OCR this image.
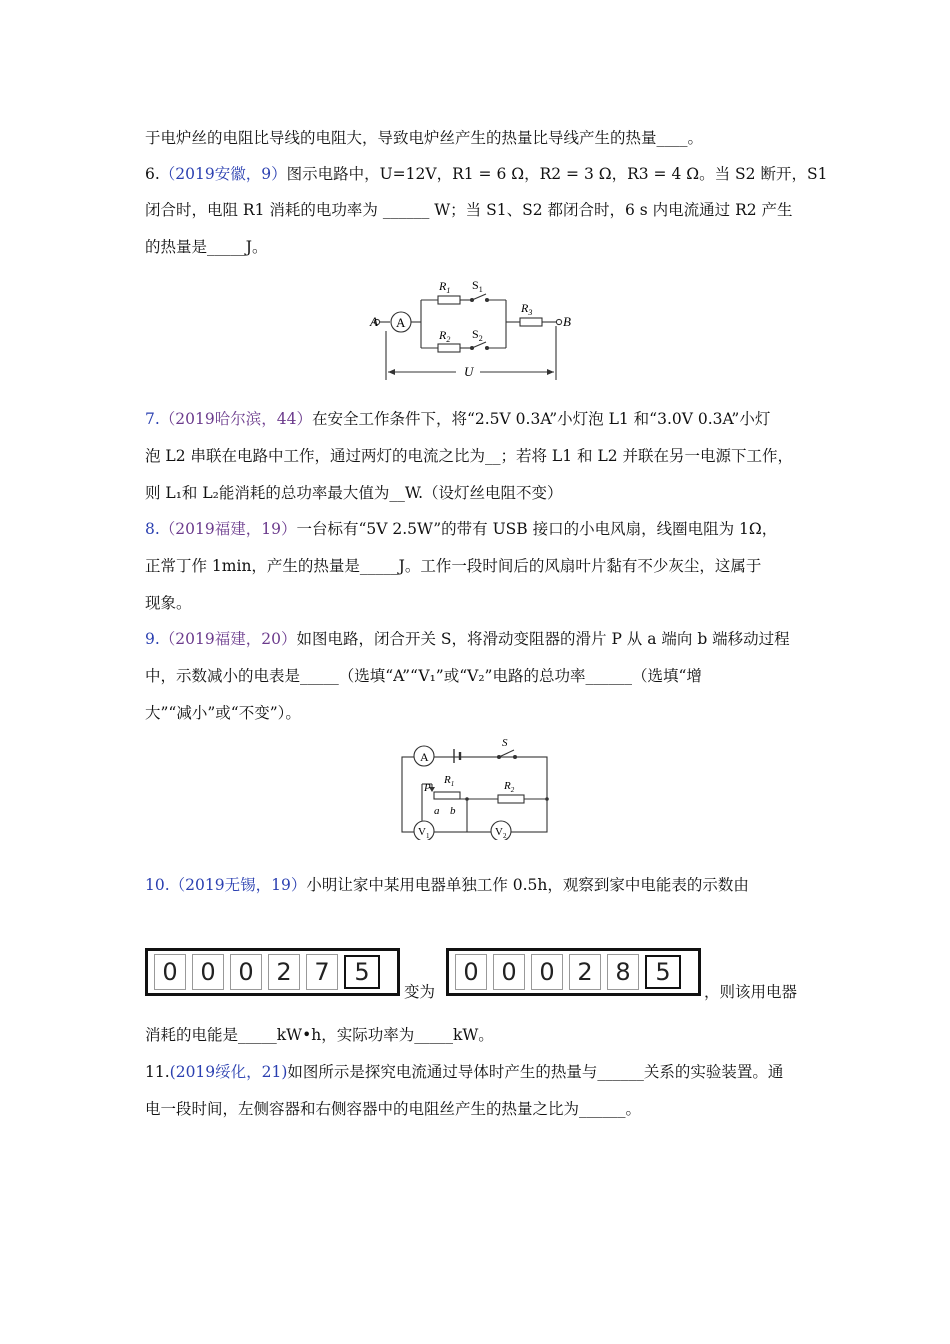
于电炉丝的电阻比导线的电阻大，导致电炉丝产生的热量比导线产生的热量____。
6.（2019安徽，9）图示电路中，U=12V，R1 = 6 Ω，R2 = 3 Ω，R3 = 4 Ω。当 S2 断开，S1
闭合时，电阻 R1 消耗的电功率为 ______ W；当 S1、S2 都闭合时，6 s 内电流通过 R2 产生
的热量是_____J。
A A
$R_1$ $S_1$
$R_2$ $S_2$
$R_3$
B
U
7.（2019哈尔滨，44）在安全工作条件下，将“2.5V 0.3A”小灯泡 L1 和“3.0V 0.3A”小灯
泡 L2 串联在电路中工作，通过两灯的电流之比为__；若将 L1 和 L2 并联在另一电源下工作，
则 L₁和 L₂能消耗的总功率最大值为__W.（设灯丝电阻不变）
8.（2019福建，19）一台标有“5V 2.5W”的带有 USB 接口的小电风扇，线圈电阻为 1Ω，
正常丁作 1min，产生的热量是_____J。工作一段时间后的风扇叶片黏有不少灰尘，这属于
现象。
9.（2019福建，20）如图电路，闭合开关 S，将滑动变阻器的滑片 P 从 a 端向 b 端移动过程
中，示数减小的电表是_____（选填“A”“V₁”或“V₂”电路的总功率______（选填“增
大”“减小”或“不变”）。
A
S
$R_1$	$R_2$
P
a b
$V_1$	$V_2$
10.（2019无锡，19）小明让家中某用电器单独工作 0.5h，观察到家中电能表的示数由
0 0 0 2 7	5
变为
0 0 0 2 8	5
，则该用电器
消耗的电能是_____kW•h，实际功率为_____kW。
11.(2019绥化，21)如图所示是探究电流通过导体时产生的热量与______关系的实验装置。通
电一段时间，左侧容器和右侧容器中的电阻丝产生的热量之比为______。
